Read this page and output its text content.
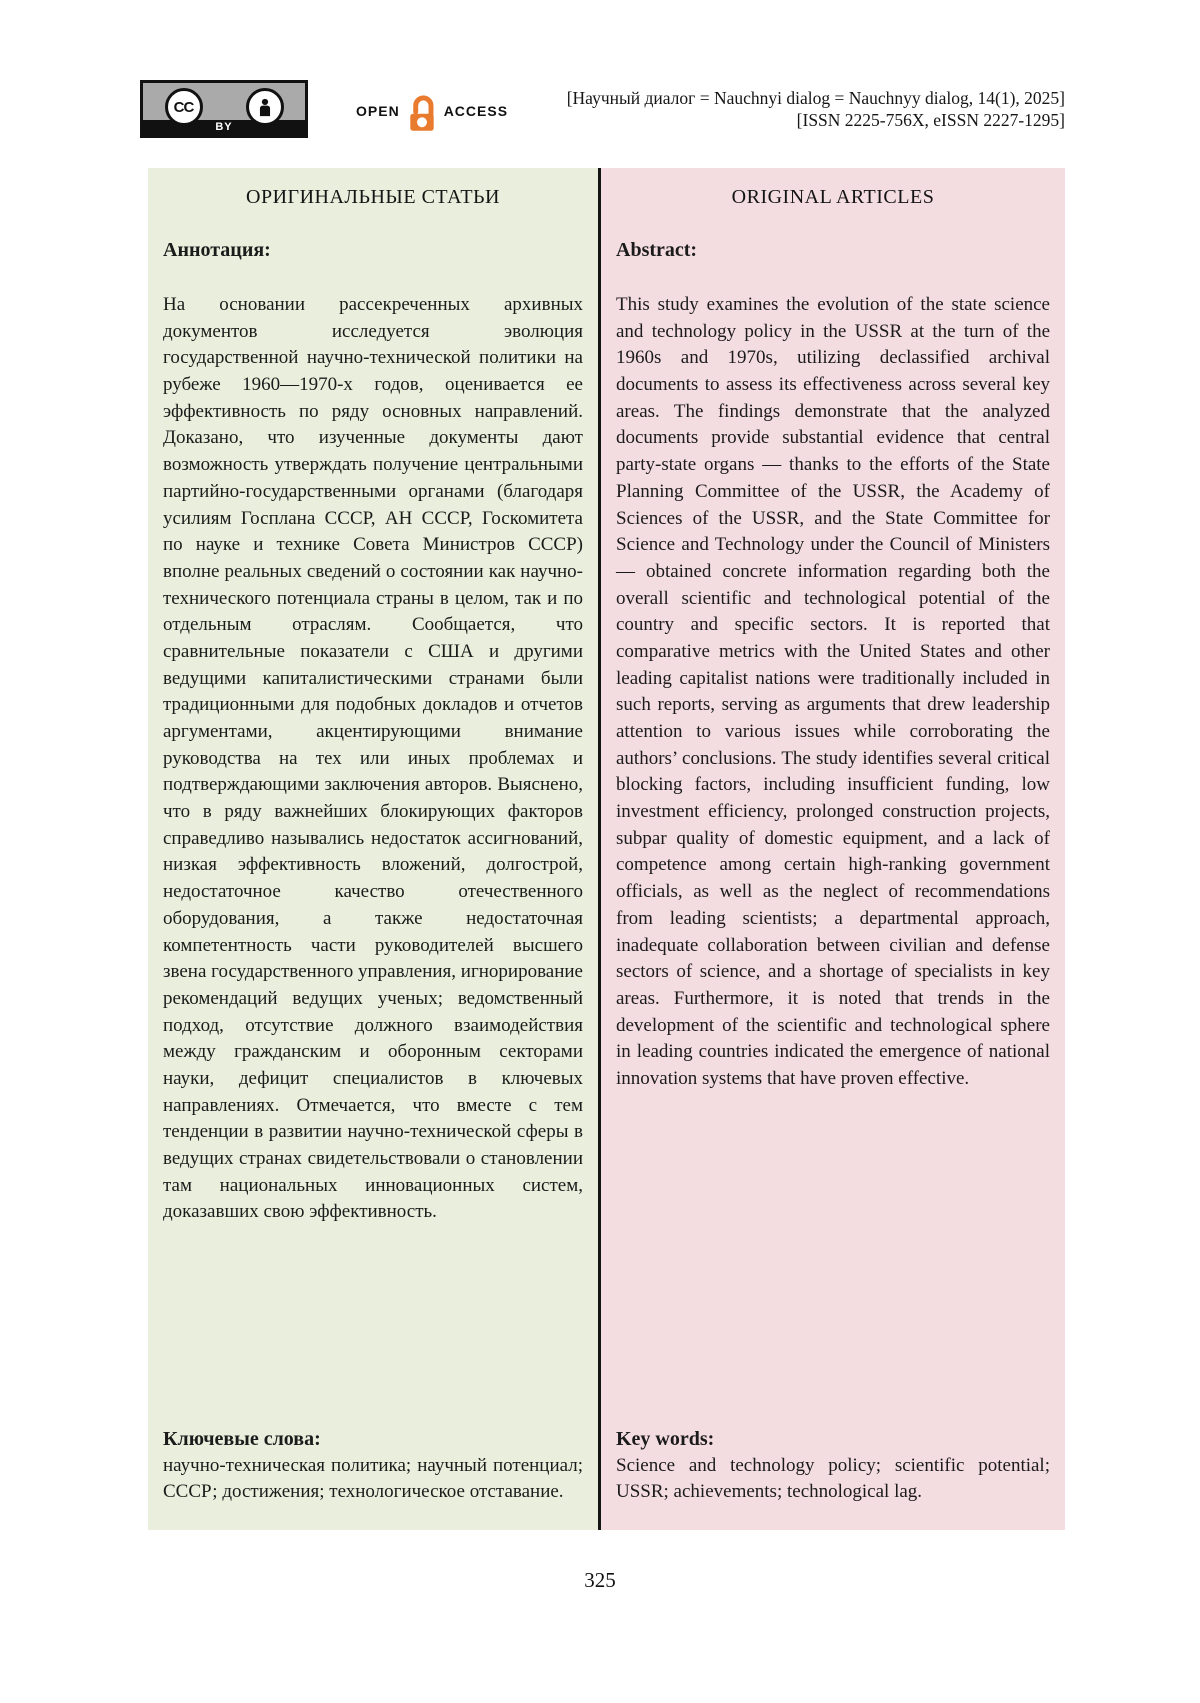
CC
BY
OPEN	ACCESS
[Научный диалог = Nauchnyi dialog = Nauchnyy dialog, 14(1), 2025]
[ISSN 2225-756X, eISSN 2227-1295]
ОРИГИНАЛЬНЫЕ СТАТЬИ
Аннотация:
На основании рассекреченных архивных документов исследуется эволюция государственной научно-технической политики на рубеже 1960—1970-х годов, оценивается ее эффективность по ряду основных направлений. Доказано, что изученные документы дают возможность утверждать получение центральными партийно-государственными органами (благодаря усилиям Госплана СССР, АН СССР, Госкомитета по науке и технике Совета Министров СССР) вполне реальных сведений о состоянии как научно-технического потенциала страны в целом, так и по отдельным отраслям. Сообщается, что сравнительные показатели с США и другими ведущими капиталистическими странами были традиционными для подобных докладов и отчетов аргументами, акцентирующими внимание руководства на тех или иных проблемах и подтверждающими заключения авторов. Выяснено, что в ряду важнейших блокирующих факторов справедливо назывались недостаток ассигнований, низкая эффективность вложений, долгострой, недостаточное качество отечественного оборудования, а также недостаточная компетентность части руководителей высшего звена государственного управления, игнорирование рекомендаций ведущих ученых; ведомственный подход, отсутствие должного взаимодействия между гражданским и оборонным секторами науки, дефицит специалистов в ключевых направлениях. Отмечается, что вместе с тем тенденции в развитии научно-технической сферы в ведущих странах свидетельствовали о становлении там национальных инновационных систем, доказавших свою эффективность.
Ключевые слова:
научно-техническая политика; научный потенциал; СССР; достижения; технологическое отставание.
ORIGINAL ARTICLES
Abstract:
This study examines the evolution of the state science and technology policy in the USSR at the turn of the 1960s and 1970s, utilizing declassified archival documents to assess its effectiveness across several key areas. The findings demonstrate that the analyzed documents provide substantial evidence that central party-state organs — thanks to the efforts of the State Planning Committee of the USSR, the Academy of Sciences of the USSR, and the State Committee for Science and Technology under the Council of Ministers — obtained concrete information regarding both the overall scientific and technological potential of the country and specific sectors. It is reported that comparative metrics with the United States and other leading capitalist nations were traditionally included in such reports, serving as arguments that drew leadership attention to various issues while corroborating the authors’ conclusions. The study identifies several critical blocking factors, including insufficient funding, low investment efficiency, prolonged construction projects, subpar quality of domestic equipment, and a lack of competence among certain high-ranking government officials, as well as the neglect of recommendations from leading scientists; a departmental approach, inadequate collaboration between civilian and defense sectors of science, and a shortage of specialists in key areas. Furthermore, it is noted that trends in the development of the scientific and technological sphere in leading countries indicated the emergence of national innovation systems that have proven effective.
Key words:
Science and technology policy; scientific potential; USSR; achievements; technological lag.
325
